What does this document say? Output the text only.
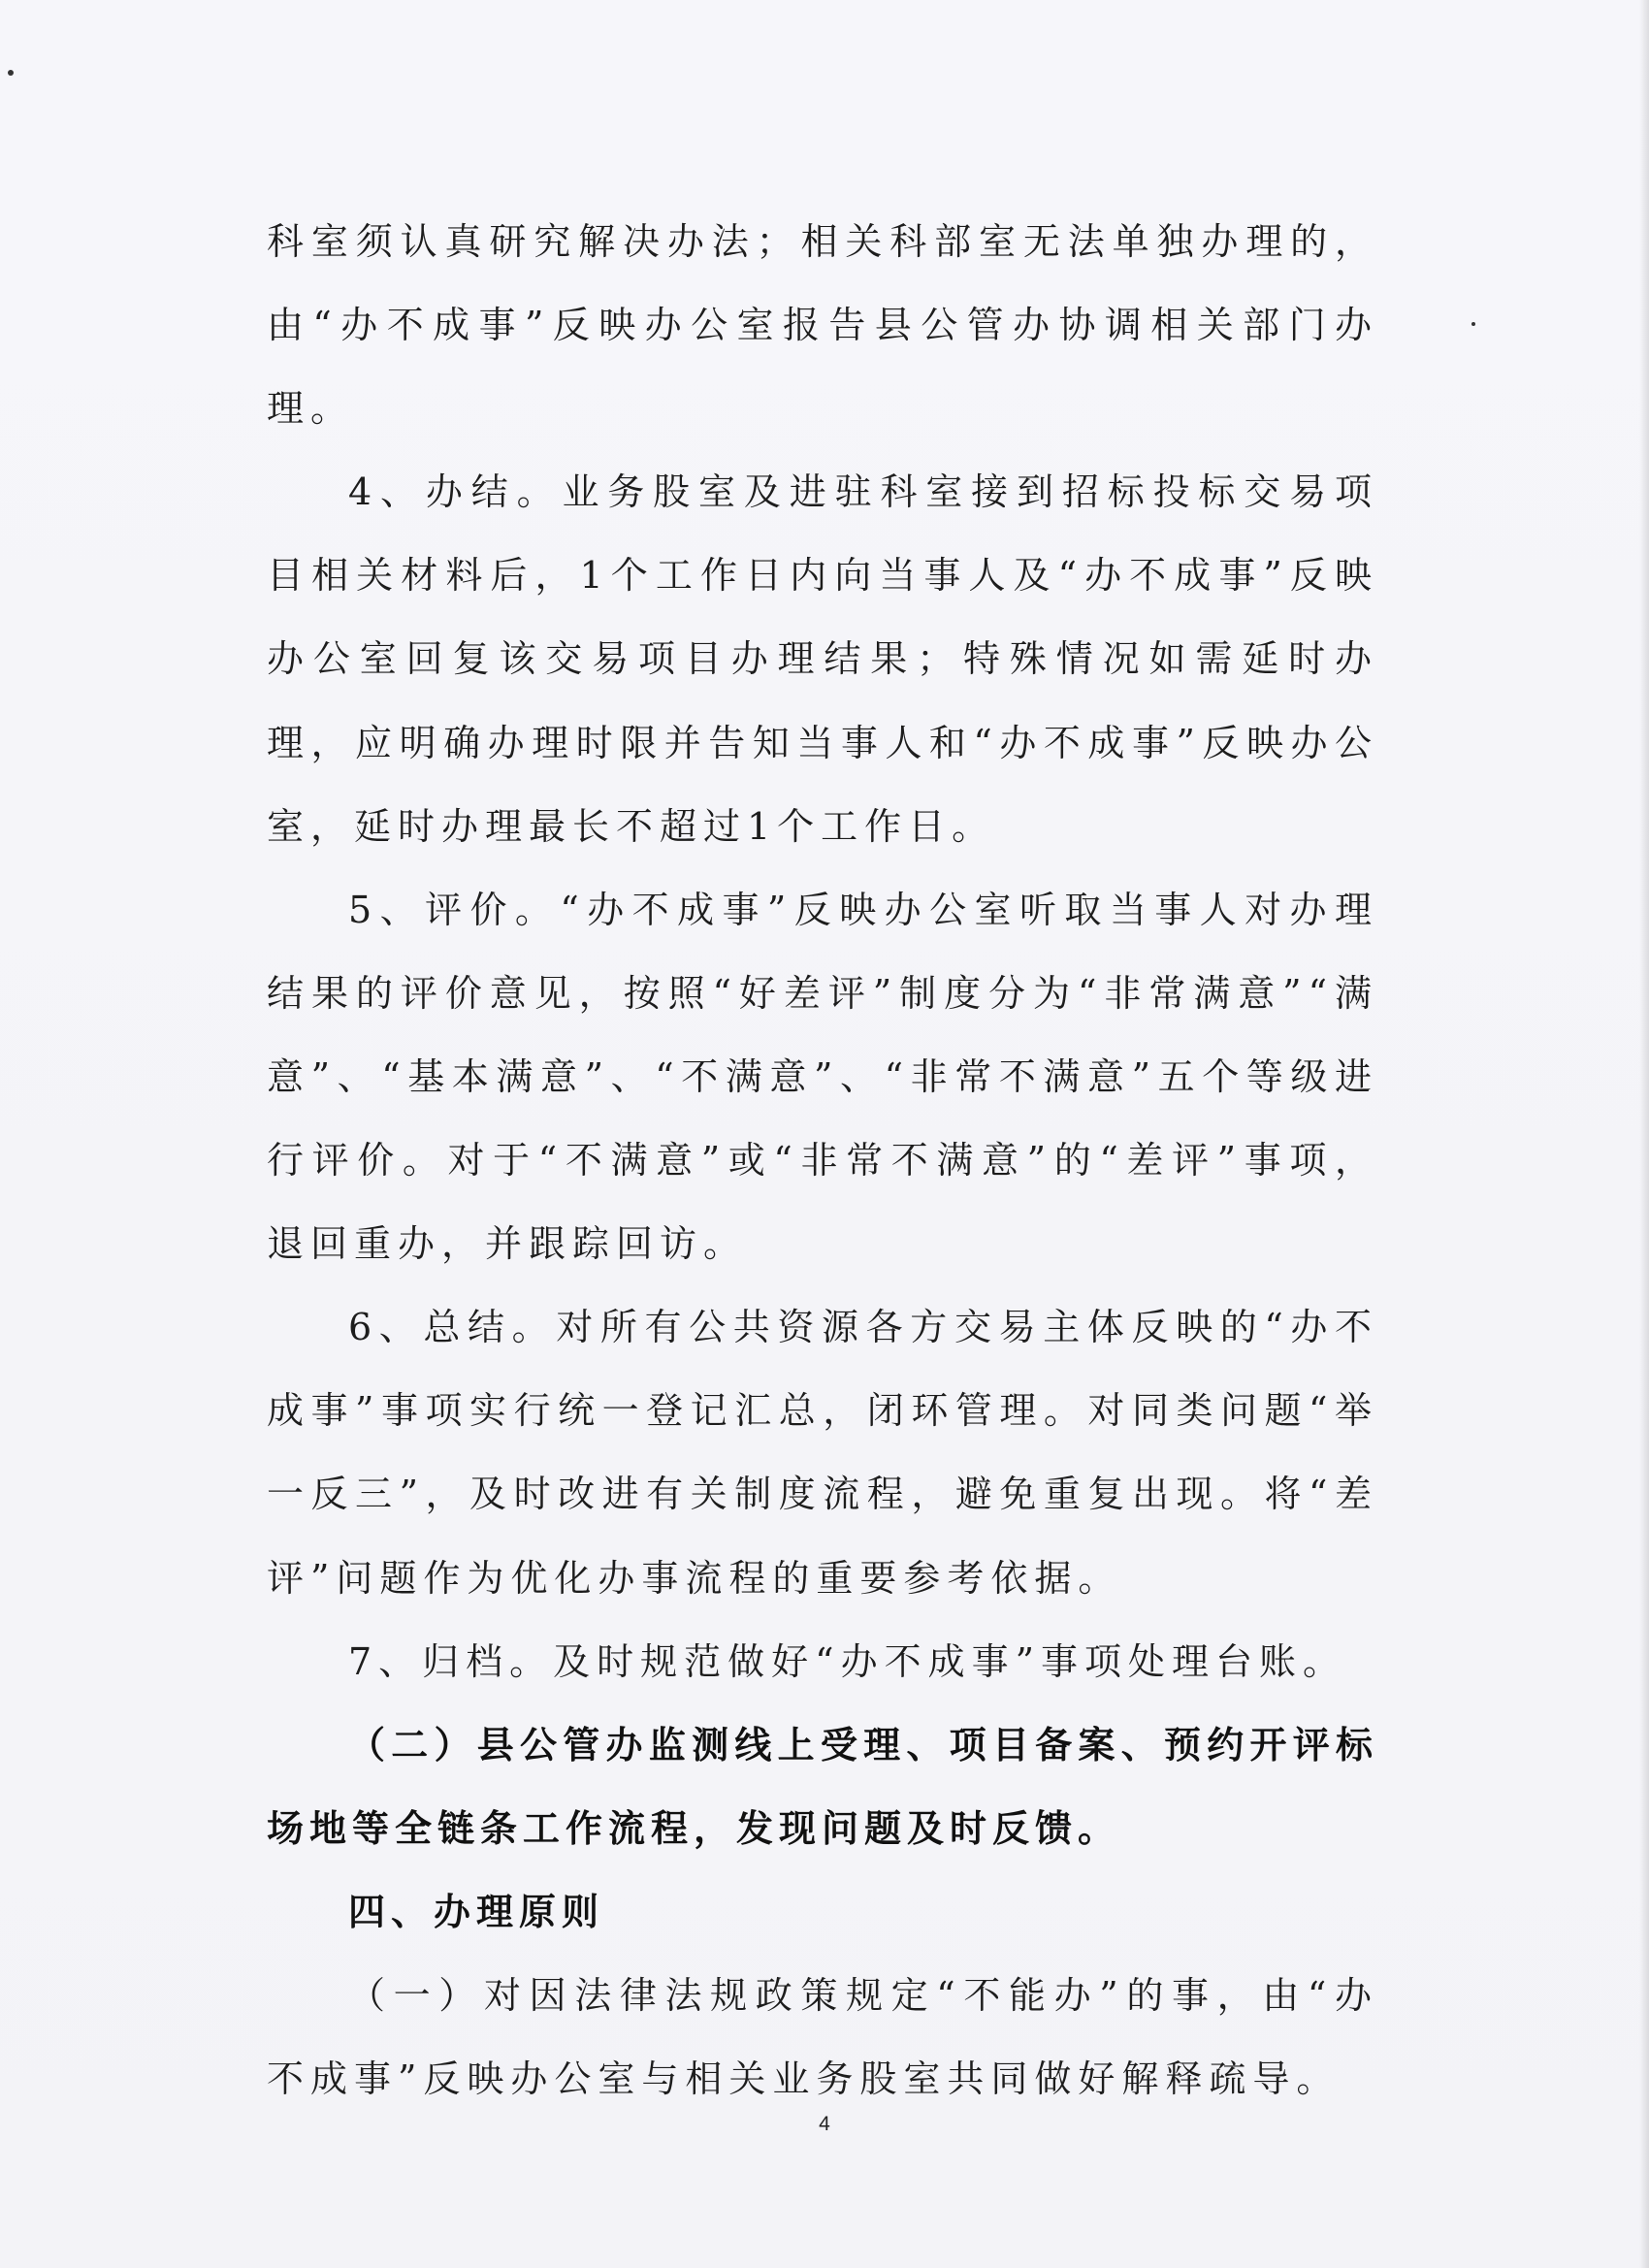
科室须认真研究解决办法；相关科部室无法单独办理的，由“办不成事”反映办公室报告县公管办协调相关部门办理。

4、办结。业务股室及进驻科室接到招标投标交易项目相关材料后，1个工作日内向当事人及“办不成事”反映办公室回复该交易项目办理结果；特殊情况如需延时办理，应明确办理时限并告知当事人和“办不成事”反映办公室，延时办理最长不超过1个工作日。

5、评价。“办不成事”反映办公室听取当事人对办理结果的评价意见，按照“好差评”制度分为“非常满意”“满意”、“基本满意”、“不满意”、“非常不满意”五个等级进行评价。对于“不满意”或“非常不满意”的“差评”事项，退回重办，并跟踪回访。

6、总结。对所有公共资源各方交易主体反映的“办不成事”事项实行统一登记汇总，闭环管理。对同类问题“举一反三”，及时改进有关制度流程，避免重复出现。将“差评”问题作为优化办事流程的重要参考依据。

7、归档。及时规范做好“办不成事”事项处理台账。

（二）县公管办监测线上受理、项目备案、预约开评标场地等全链条工作流程，发现问题及时反馈。

四、办理原则

（一）对因法律法规政策规定“不能办”的事，由“办不成事”反映办公室与相关业务股室共同做好解释疏导。

4
